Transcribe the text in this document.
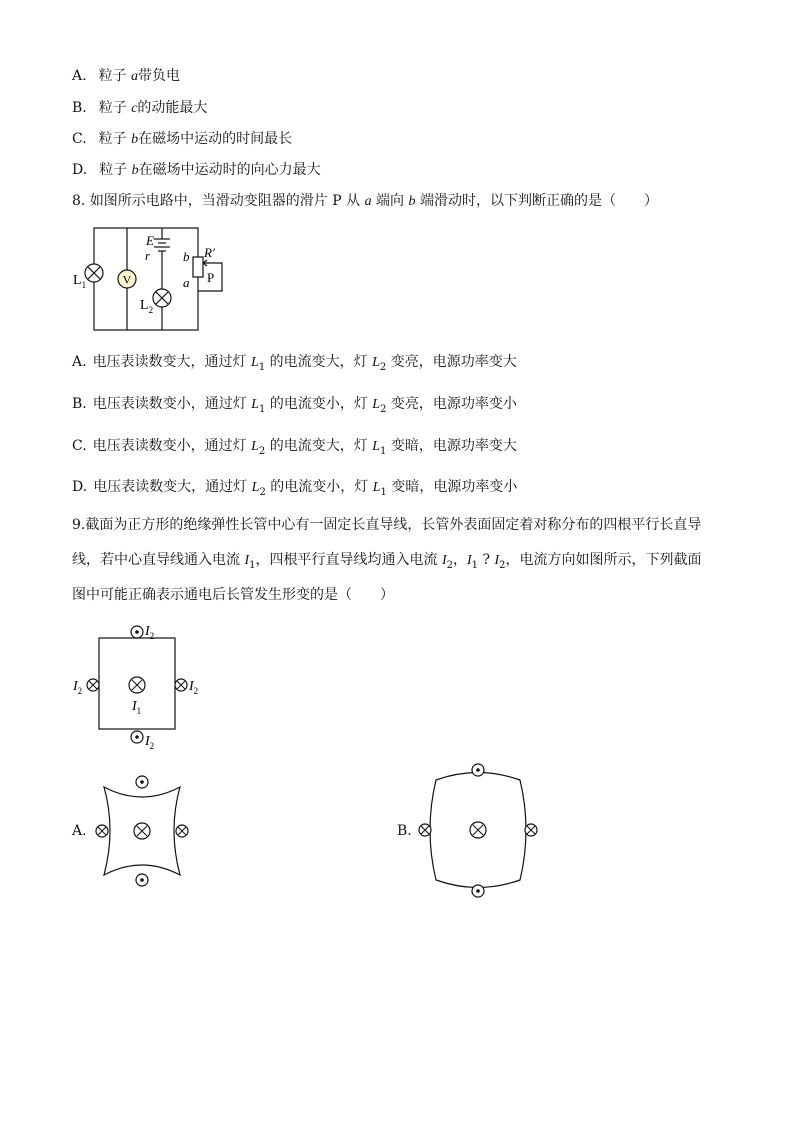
A. 粒子 a带负电
B. 粒子 c的动能最大
C. 粒子 b在磁场中运动的时间最长
D. 粒子 b在磁场中运动时的向心力最大
8. 如图所示电路中，当滑动变阻器的滑片 P 从 a 端向 b 端滑动时，以下判断正确的是（　　）
V
$L_1$
$L_2$
E
r	b R′
a P
A. 电压表读数变大，通过灯 $L_1$ 的电流变大，灯 $L_2$ 变亮，电源功率变大
B. 电压表读数变小，通过灯 $L_1$ 的电流变小，灯 $L_2$ 变亮，电源功率变小
C. 电压表读数变小，通过灯 $L_2$ 的电流变大，灯 $L_1$ 变暗，电源功率变大
D. 电压表读数变大，通过灯 $L_2$ 的电流变小，灯 $L_1$ 变暗，电源功率变小
9.截面为正方形的绝缘弹性长管中心有一固定长直导线，长管外表面固定着对称分布的四根平行长直导
线，若中心直导线通入电流 $I_1$，四根平行直导线均通入电流 $I_2$，$I_1$ ? $I_2$，电流方向如图所示，下列截面
图中可能正确表示通电后长管发生形变的是（　　）
$I_2$
$I_2$
$I_2$	$I_2$
$I_1$
A.	B.
